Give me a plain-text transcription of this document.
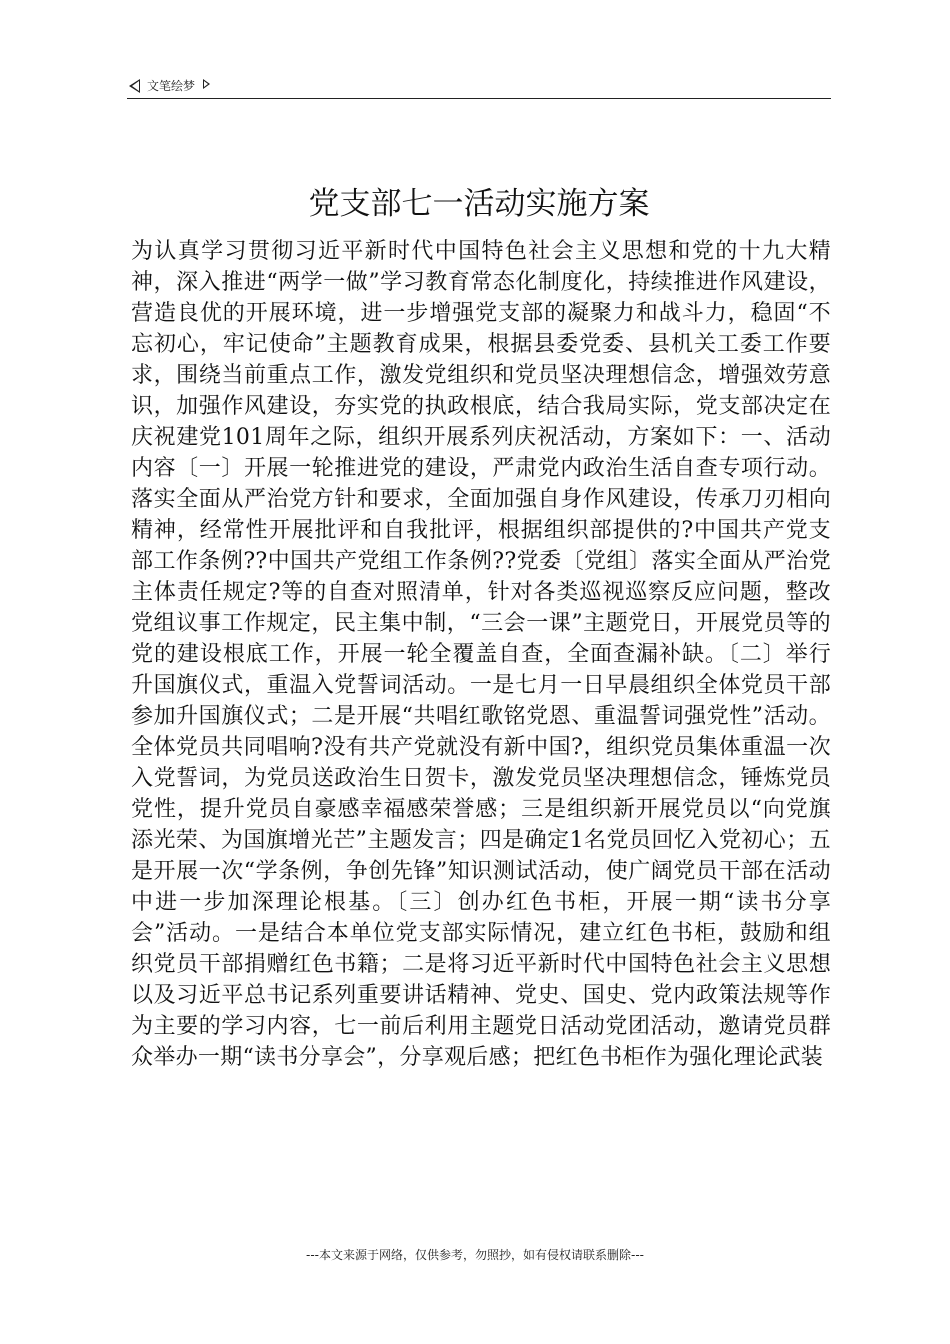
文笔绘梦
党支部七一活动实施方案

为认真学习贯彻习近平新时代中国特色社会主义思想和党的十九大精神，深入推进“两学一做”学习教育常态化制度化，持续推进作风建设，营造良优的开展环境，进一步增强党支部的凝聚力和战斗力，稳固“不忘初心，牢记使命”主题教育成果，根据县委党委、县机关工委工作要求，围绕当前重点工作，激发党组织和党员坚决理想信念，增强效劳意识，加强作风建设，夯实党的执政根底，结合我局实际，党支部决定在庆祝建党101周年之际，组织开展系列庆祝活动，方案如下：一、活动内容〔一〕开展一轮推进党的建设，严肃党内政治生活自查专项行动。落实全面从严治党方针和要求，全面加强自身作风建设，传承刀刃相向精神，经常性开展批评和自我批评，根据组织部提供的?中国共产党支部工作条例??中国共产党组工作条例??党委〔党组〕落实全面从严治党主体责任规定?等的自查对照清单，针对各类巡视巡察反应问题，整改党组议事工作规定，民主集中制，“三会一课”主题党日，开展党员等的党的建设根底工作，开展一轮全覆盖自查，全面查漏补缺。〔二〕举行升国旗仪式，重温入党誓词活动。一是七月一日早晨组织全体党员干部参加升国旗仪式；二是开展“共唱红歌铭党恩、重温誓词强党性”活动。全体党员共同唱响?没有共产党就没有新中国?，组织党员集体重温一次入党誓词，为党员送政治生日贺卡，激发党员坚决理想信念，锤炼党员党性，提升党员自豪感幸福感荣誉感；三是组织新开展党员以“向党旗添光荣、为国旗增光芒”主题发言；四是确定1名党员回忆入党初心；五是开展一次“学条例，争创先锋”知识测试活动，使广阔党员干部在活动中进一步加深理论根基。〔三〕创办红色书柜，开展一期“读书分享会”活动。一是结合本单位党支部实际情况，建立红色书柜，鼓励和组织党员干部捐赠红色书籍；二是将习近平新时代中国特色社会主义思想以及习近平总书记系列重要讲话精神、党史、国史、党内政策法规等作为主要的学习内容，七一前后利用主题党日活动党团活动，邀请党员群众举办一期“读书分享会”，分享观后感；把红色书柜作为强化理论武装

---本文来源于网络，仅供参考，勿照抄，如有侵权请联系删除---
